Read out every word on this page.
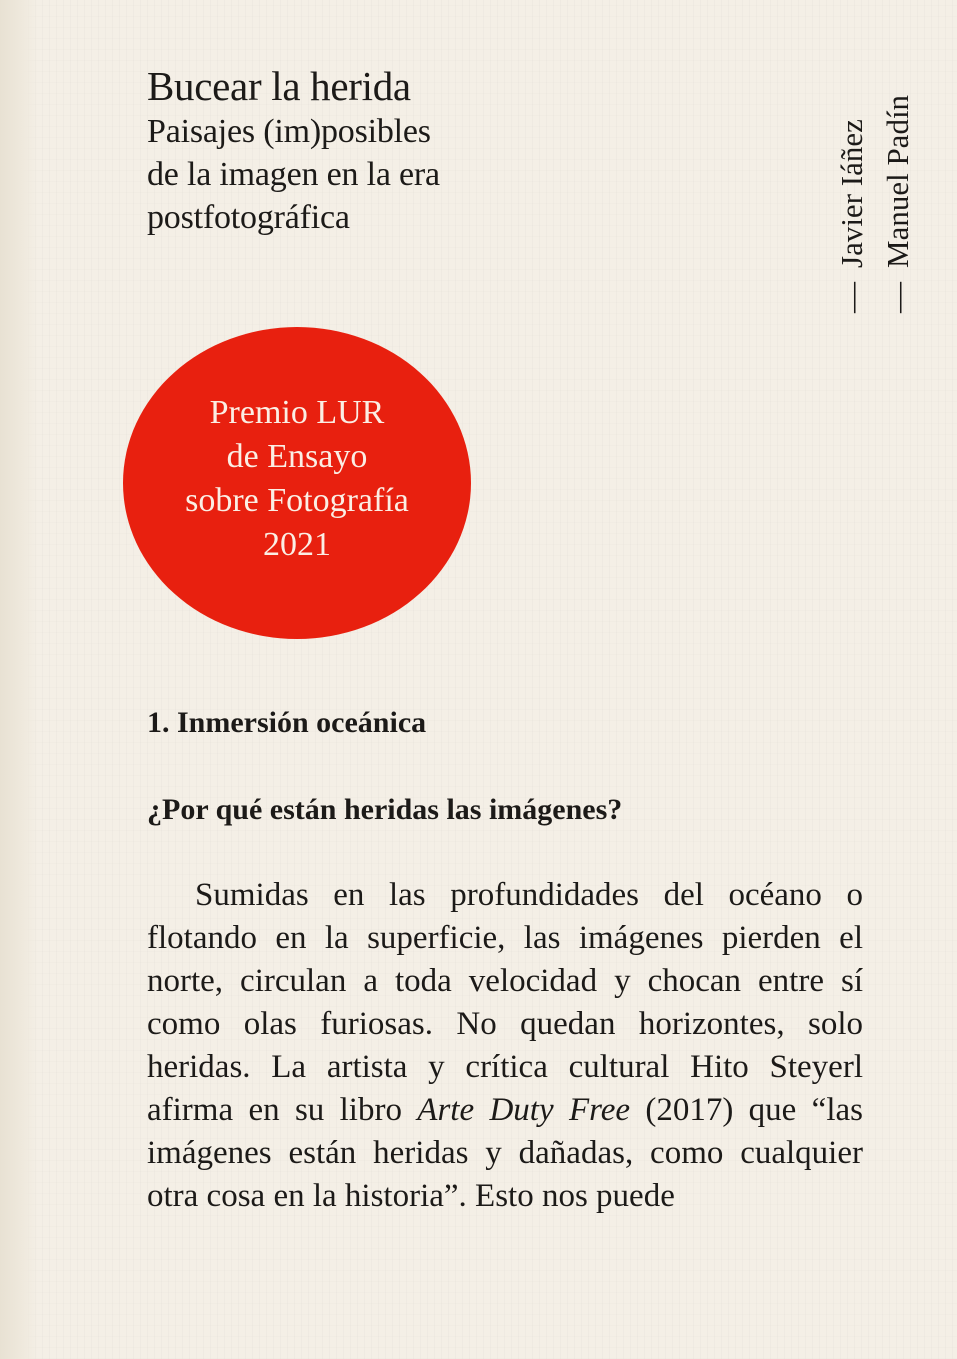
Bucear la herida

Paisajes (im)posibles
de la imagen en la era
postfotográfica

—Javier Iáñez
—Manuel Padín

Premio LUR
de Ensayo
sobre Fotografía
2021

1. Inmersión oceánica
¿Por qué están heridas las imágenes?

Sumidas en las profundidades del océano o flotando en la superficie, las imágenes pierden el norte, circulan a toda velocidad y chocan entre sí como olas furiosas. No quedan horizontes, solo heridas. La artista y crítica cultural Hito Steyerl afirma en su libro Arte Duty Free (2017) que “las imágenes están heridas y dañadas, como cualquier otra cosa en la historia”. Esto nos puede
